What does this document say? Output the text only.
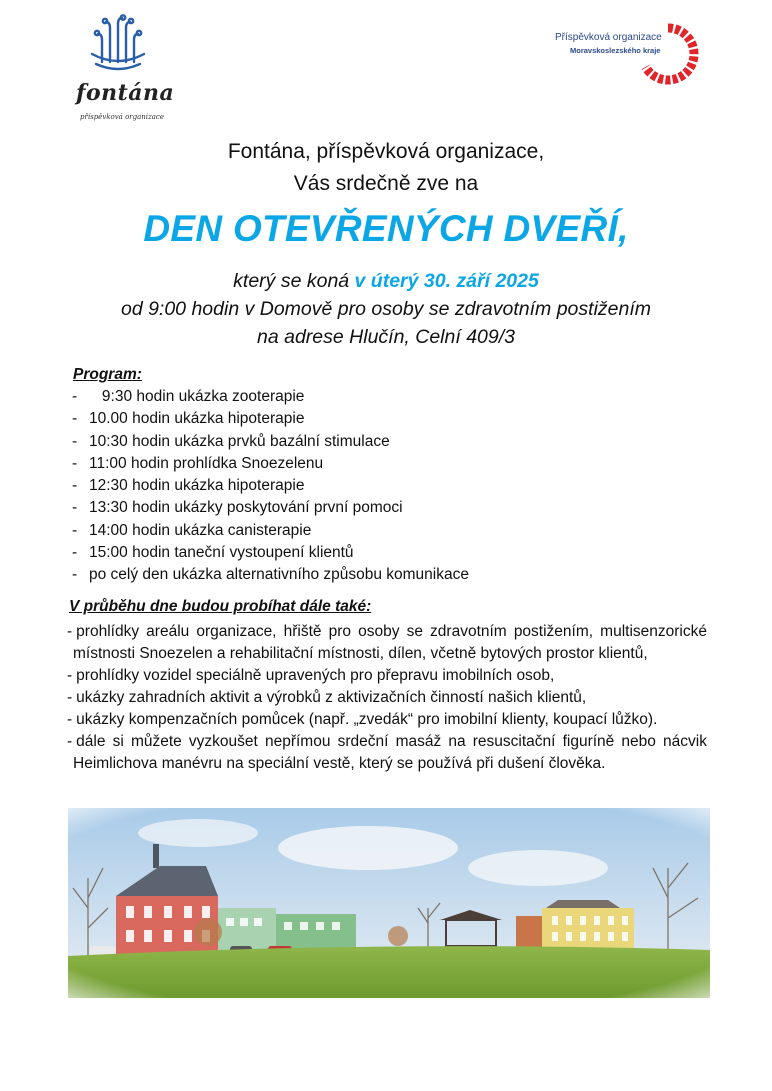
fontána
příspěvková organizace
Příspěvková organizace
Moravskoslezského kraje
Fontána, příspěvková organizace,
Vás srdečně zve na
DEN OTEVŘENÝCH DVEŘÍ,
který se koná v úterý 30. září 2025
od 9:00 hodin v Domově pro osoby se zdravotním postižením
na adrese Hlučín, Celní 409/3
Program:
-   9:30 hodin ukázka zooterapie
- 10.00 hodin ukázka hipoterapie
- 10:30 hodin ukázka prvků bazální stimulace
- 11:00 hodin prohlídka Snoezelenu
- 12:30 hodin ukázka hipoterapie
- 13:30 hodin ukázky poskytování první pomoci
- 14:00 hodin ukázka canisterapie
- 15:00 hodin taneční vystoupení klientů
- po celý den ukázka alternativního způsobu komunikace
V průběhu dne budou probíhat dále také:
- prohlídky areálu organizace, hřiště pro osoby se zdravotním postižením, multisenzorické místnosti Snoezelen a rehabilitační místnosti, dílen, včetně bytových prostor klientů,
- prohlídky vozidel speciálně upravených pro přepravu imobilních osob,
- ukázky zahradních aktivit a výrobků z aktivizačních činností našich klientů,
- ukázky kompenzačních pomůcek (např. „zvedák“ pro imobilní klienty, koupací lůžko).
- dále si můžete vyzkoušet nepřímou srdeční masáž na resuscitační figuríně nebo nácvik Heimlichova manévru na speciální vestě, který se používá při dušení člověka.
